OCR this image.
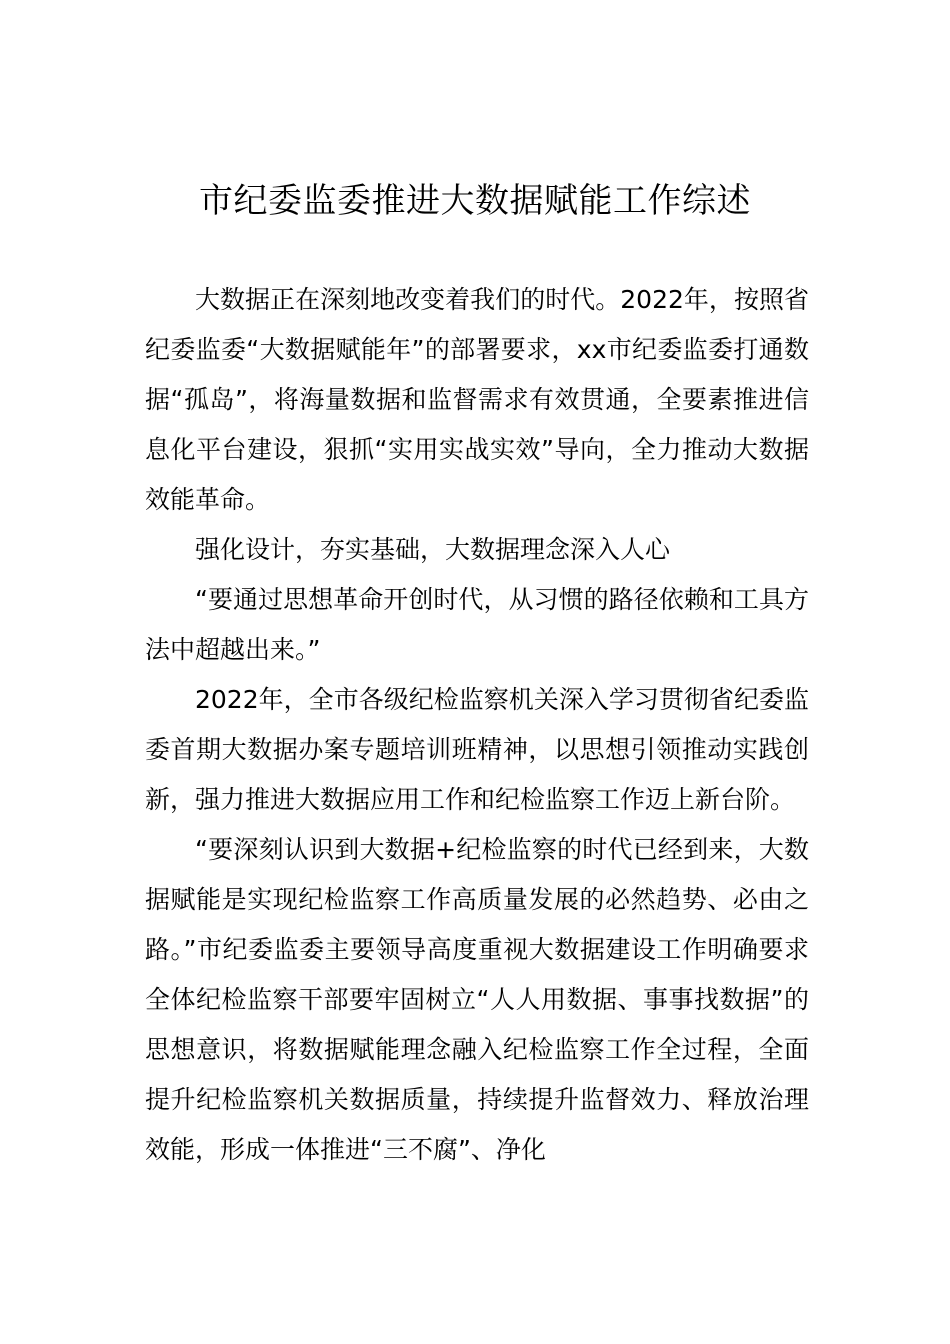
市纪委监委推进大数据赋能工作综述

大数据正在深刻地改变着我们的时代。2022年，按照省纪委监委“大数据赋能年”的部署要求，xx市纪委监委打通数据“孤岛”，将海量数据和监督需求有效贯通，全要素推进信息化平台建设，狠抓“实用实战实效”导向，全力推动大数据效能革命。

强化设计，夯实基础，大数据理念深入人心

“要通过思想革命开创时代，从习惯的路径依赖和工具方法中超越出来。”

2022年，全市各级纪检监察机关深入学习贯彻省纪委监委首期大数据办案专题培训班精神，以思想引领推动实践创新，强力推进大数据应用工作和纪检监察工作迈上新台阶。

“要深刻认识到大数据+纪检监察的时代已经到来，大数据赋能是实现纪检监察工作高质量发展的必然趋势、必由之路。”市纪委监委主要领导高度重视大数据建设工作明确要求全体纪检监察干部要牢固树立“人人用数据、事事找数据”的思想意识，将数据赋能理念融入纪检监察工作全过程，全面提升纪检监察机关数据质量，持续提升监督效力、释放治理效能，形成一体推进“三不腐”、净化
